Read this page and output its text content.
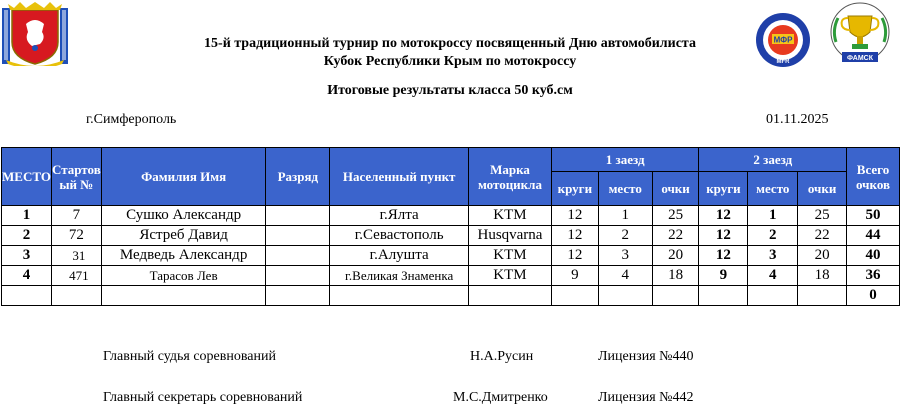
МФР
MFR	ФАМСК
15-й традиционный турнир по мотокроссу посвященный Дню автомобилиста
Кубок Республики Крым по мотокроссу
Итоговые результаты класса 50 куб.см
г.Симферополь	01.11.2025
МЕСТО	Стартовый №	Фамилия Имя	Разряд	Населенный пункт	Марка мотоцикла	1 заезд			2 заезд			Всего очков
						круги	место	очки	круги	место	очки	
1	7	Сушко Александр		г.Ялта	KTM	12	1	25	12	1	25	50
2	72	Ястреб Давид		г.Севастополь	Husqvarna	12	2	22	12	2	22	44
3	31	Медведь Александр		г.Алушта	KTM	12	3	20	12	3	20	40
4	471	Тарасов Лев		г.Великая Знаменка	KTM	9	4	18	9	4	18	36
												0
Главный судья соревнований	Н.А.Русин	Лицензия №440
Главный секретарь соревнований	М.С.Дмитренко	Лицензия №442
